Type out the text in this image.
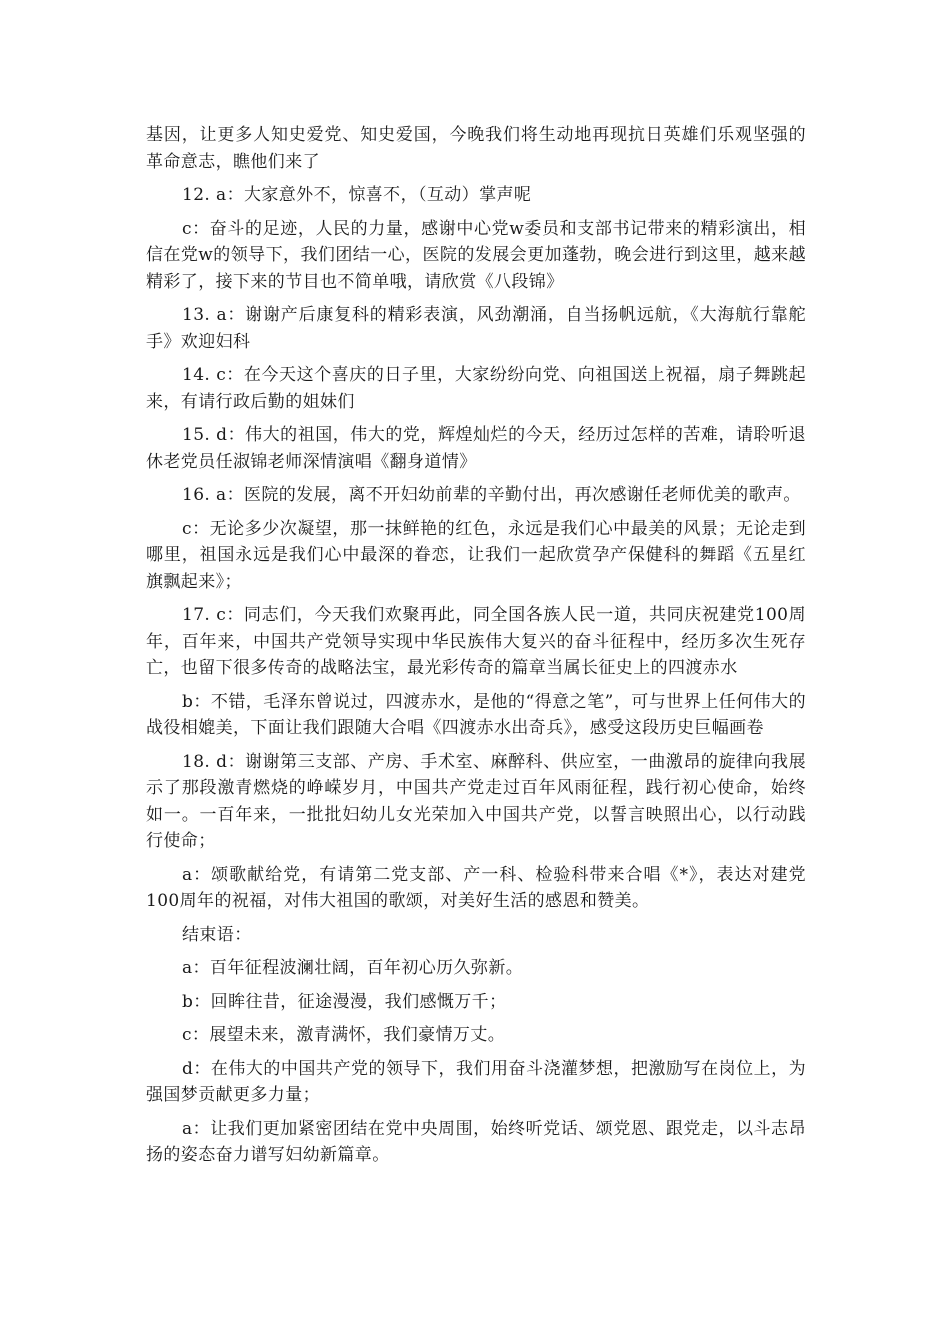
基因，让更多人知史爱党、知史爱国，今晚我们将生动地再现抗日英雄们乐观坚强的革命意志，瞧他们来了

12. a：大家意外不，惊喜不，（互动）掌声呢

c：奋斗的足迹，人民的力量，感谢中心党w委员和支部书记带来的精彩演出，相信在党w的领导下，我们团结一心，医院的发展会更加蓬勃，晚会进行到这里，越来越精彩了，接下来的节目也不简单哦，请欣赏《八段锦》

13. a：谢谢产后康复科的精彩表演，风劲潮涌，自当扬帆远航，《大海航行靠舵手》欢迎妇科

14. c：在今天这个喜庆的日子里，大家纷纷向党、向祖国送上祝福，扇子舞跳起来，有请行政后勤的姐妹们

15. d：伟大的祖国，伟大的党，辉煌灿烂的今天，经历过怎样的苦难，请聆听退休老党员任淑锦老师深情演唱《翻身道情》

16. a：医院的发展，离不开妇幼前辈的辛勤付出，再次感谢任老师优美的歌声。

c：无论多少次凝望，那一抹鲜艳的红色，永远是我们心中最美的风景；无论走到哪里，祖国永远是我们心中最深的眷恋，让我们一起欣赏孕产保健科的舞蹈《五星红旗飘起来》；

17. c：同志们，今天我们欢聚再此，同全国各族人民一道，共同庆祝建党100周年，百年来，中国共产党领导实现中华民族伟大复兴的奋斗征程中，经历多次生死存亡，也留下很多传奇的战略法宝，最光彩传奇的篇章当属长征史上的四渡赤水

b：不错，毛泽东曾说过，四渡赤水，是他的“得意之笔”，可与世界上任何伟大的战役相媲美，下面让我们跟随大合唱《四渡赤水出奇兵》，感受这段历史巨幅画卷

18. d：谢谢第三支部、产房、手术室、麻醉科、供应室，一曲激昂的旋律向我展示了那段激青燃烧的峥嵘岁月，中国共产党走过百年风雨征程，践行初心使命，始终如一。一百年来，一批批妇幼儿女光荣加入中国共产党，以誓言映照出心，以行动践行使命；

a：颂歌献给党，有请第二党支部、产一科、检验科带来合唱《*》，表达对建党100周年的祝福，对伟大祖国的歌颂，对美好生活的感恩和赞美。

结束语：

a：百年征程波澜壮阔，百年初心历久弥新。

b：回眸往昔，征途漫漫，我们感慨万千；

c：展望未来，激青满怀，我们豪情万丈。

d：在伟大的中国共产党的领导下，我们用奋斗浇灌梦想，把激励写在岗位上，为强国梦贡献更多力量；

a：让我们更加紧密团结在党中央周围，始终听党话、颂党恩、跟党走，以斗志昂扬的姿态奋力谱写妇幼新篇章。
